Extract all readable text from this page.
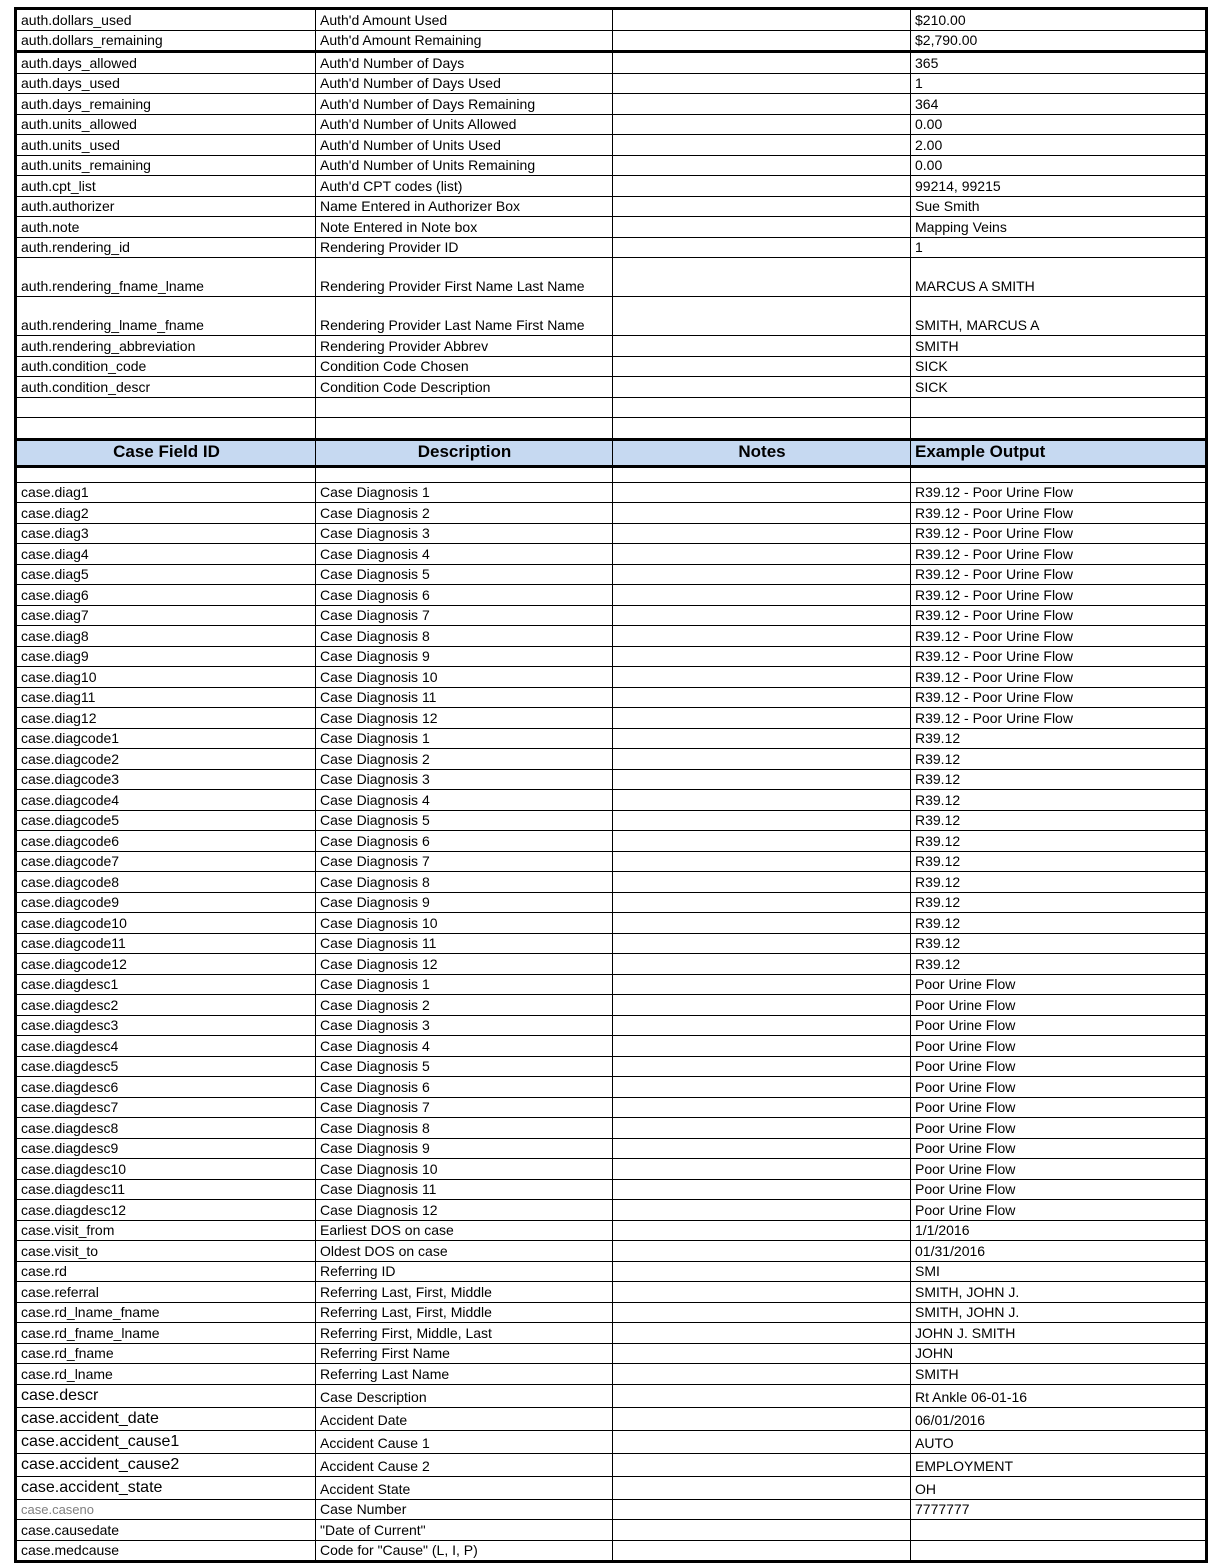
auth.dollars_used	Auth'd Amount Used		$210.00
auth.dollars_remaining	Auth'd Amount Remaining		$2,790.00
auth.days_allowed	Auth'd Number of Days		365
auth.days_used	Auth'd Number of Days Used		1
auth.days_remaining	Auth'd Number of Days Remaining		364
auth.units_allowed	Auth'd Number of Units Allowed		0.00
auth.units_used	Auth'd Number of Units Used		2.00
auth.units_remaining	Auth'd Number of Units Remaining		0.00
auth.cpt_list	Auth'd CPT codes (list)		99214, 99215
auth.authorizer	Name Entered in Authorizer Box		Sue Smith
auth.note	Note Entered in Note box		Mapping Veins
auth.rendering_id	Rendering Provider ID		1
auth.rendering_fname_lname	Rendering Provider First Name Last Name		MARCUS A SMITH
auth.rendering_lname_fname	Rendering Provider Last Name First Name		SMITH, MARCUS A
auth.rendering_abbreviation	Rendering Provider Abbrev		SMITH
auth.condition_code	Condition Code Chosen		SICK
auth.condition_descr	Condition Code Description		SICK

Case Field ID	Description	Notes	Example Output

case.diag1	Case Diagnosis 1		R39.12 - Poor Urine Flow
case.diag2	Case Diagnosis 2		R39.12 - Poor Urine Flow
case.diag3	Case Diagnosis 3		R39.12 - Poor Urine Flow
case.diag4	Case Diagnosis 4		R39.12 - Poor Urine Flow
case.diag5	Case Diagnosis 5		R39.12 - Poor Urine Flow
case.diag6	Case Diagnosis 6		R39.12 - Poor Urine Flow
case.diag7	Case Diagnosis 7		R39.12 - Poor Urine Flow
case.diag8	Case Diagnosis 8		R39.12 - Poor Urine Flow
case.diag9	Case Diagnosis 9		R39.12 - Poor Urine Flow
case.diag10	Case Diagnosis 10		R39.12 - Poor Urine Flow
case.diag11	Case Diagnosis 11		R39.12 - Poor Urine Flow
case.diag12	Case Diagnosis 12		R39.12 - Poor Urine Flow
case.diagcode1	Case Diagnosis 1		R39.12
case.diagcode2	Case Diagnosis 2		R39.12
case.diagcode3	Case Diagnosis 3		R39.12
case.diagcode4	Case Diagnosis 4		R39.12
case.diagcode5	Case Diagnosis 5		R39.12
case.diagcode6	Case Diagnosis 6		R39.12
case.diagcode7	Case Diagnosis 7		R39.12
case.diagcode8	Case Diagnosis 8		R39.12
case.diagcode9	Case Diagnosis 9		R39.12
case.diagcode10	Case Diagnosis 10		R39.12
case.diagcode11	Case Diagnosis 11		R39.12
case.diagcode12	Case Diagnosis 12		R39.12
case.diagdesc1	Case Diagnosis 1		Poor Urine Flow
case.diagdesc2	Case Diagnosis 2		Poor Urine Flow
case.diagdesc3	Case Diagnosis 3		Poor Urine Flow
case.diagdesc4	Case Diagnosis 4		Poor Urine Flow
case.diagdesc5	Case Diagnosis 5		Poor Urine Flow
case.diagdesc6	Case Diagnosis 6		Poor Urine Flow
case.diagdesc7	Case Diagnosis 7		Poor Urine Flow
case.diagdesc8	Case Diagnosis 8		Poor Urine Flow
case.diagdesc9	Case Diagnosis 9		Poor Urine Flow
case.diagdesc10	Case Diagnosis 10		Poor Urine Flow
case.diagdesc11	Case Diagnosis 11		Poor Urine Flow
case.diagdesc12	Case Diagnosis 12		Poor Urine Flow
case.visit_from	Earliest DOS on case		1/1/2016
case.visit_to	Oldest DOS on case		01/31/2016
case.rd	Referring ID		SMI
case.referral	Referring Last, First, Middle		SMITH, JOHN J.
case.rd_lname_fname	Referring Last, First, Middle		SMITH, JOHN J.
case.rd_fname_lname	Referring First, Middle, Last		JOHN J. SMITH
case.rd_fname	Referring First Name		JOHN
case.rd_lname	Referring Last Name		SMITH
case.descr	Case Description		Rt Ankle 06-01-16
case.accident_date	Accident Date		06/01/2016
case.accident_cause1	Accident Cause 1		AUTO
case.accident_cause2	Accident Cause 2		EMPLOYMENT
case.accident_state	Accident State		OH
case.caseno	Case Number		7777777
case.causedate	"Date of Current"		
case.medcause	Code for "Cause" (L, I, P)		
